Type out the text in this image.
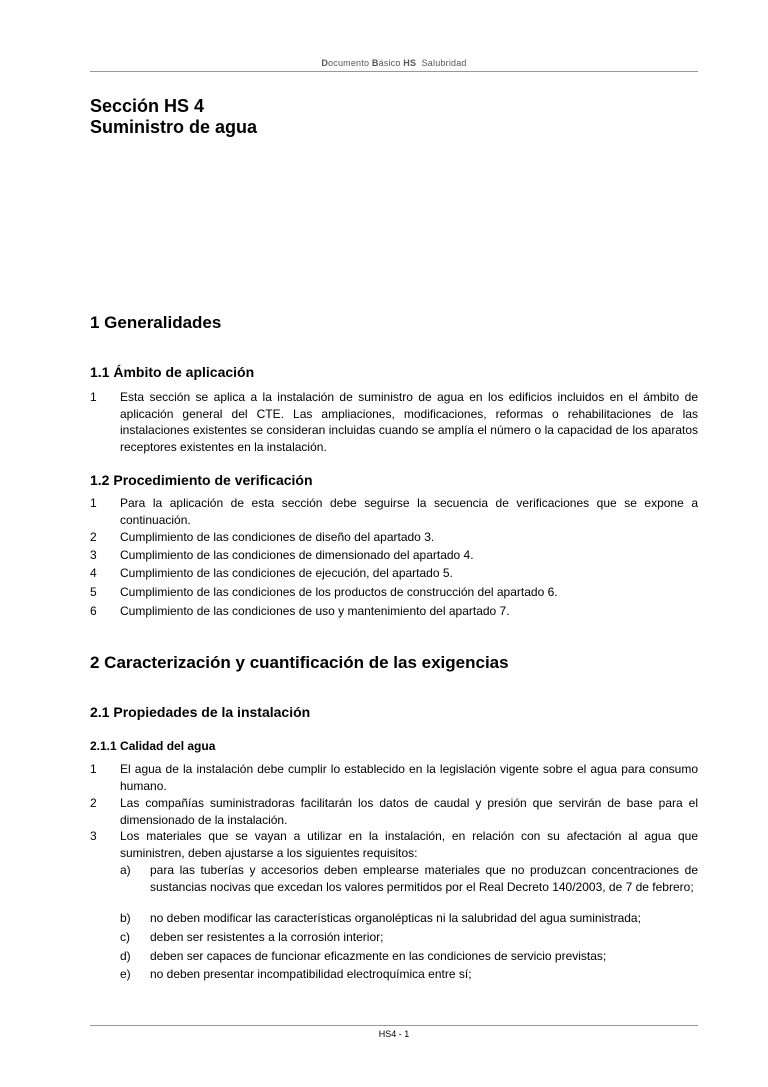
Documento Básico HS Salubridad
Sección HS 4
Suministro de agua
1 Generalidades
1.1 Ámbito de aplicación
1 Esta sección se aplica a la instalación de suministro de agua en los edificios incluidos en el ámbito de aplicación general del CTE. Las ampliaciones, modificaciones, reformas o rehabilitaciones de las instalaciones existentes se consideran incluidas cuando se amplía el número o la capacidad de los aparatos receptores existentes en la instalación.
1.2 Procedimiento de verificación
1 Para la aplicación de esta sección debe seguirse la secuencia de verificaciones que se expone a continuación.
2 Cumplimiento de las condiciones de diseño del apartado 3.
3 Cumplimiento de las condiciones de dimensionado del apartado 4.
4 Cumplimiento de las condiciones de ejecución, del apartado 5.
5 Cumplimiento de las condiciones de los productos de construcción del apartado 6.
6 Cumplimiento de las condiciones de uso y mantenimiento del apartado 7.
2 Caracterización y cuantificación de las exigencias
2.1 Propiedades de la instalación
2.1.1 Calidad del agua
1 El agua de la instalación debe cumplir lo establecido en la legislación vigente sobre el agua para consumo humano.
2 Las compañías suministradoras facilitarán los datos de caudal y presión que servirán de base para el dimensionado de la instalación.
3 Los materiales que se vayan a utilizar en la instalación, en relación con su afectación al agua que suministren, deben ajustarse a los siguientes requisitos:
a) para las tuberías y accesorios deben emplearse materiales que no produzcan concentraciones de sustancias nocivas que excedan los valores permitidos por el Real Decreto 140/2003, de 7 de febrero;
b) no deben modificar las características organolépticas ni la salubridad del agua suministrada;
c) deben ser resistentes a la corrosión interior;
d) deben ser capaces de funcionar eficazmente en las condiciones de servicio previstas;
e) no deben presentar incompatibilidad electroquímica entre sí;
HS4 - 1
